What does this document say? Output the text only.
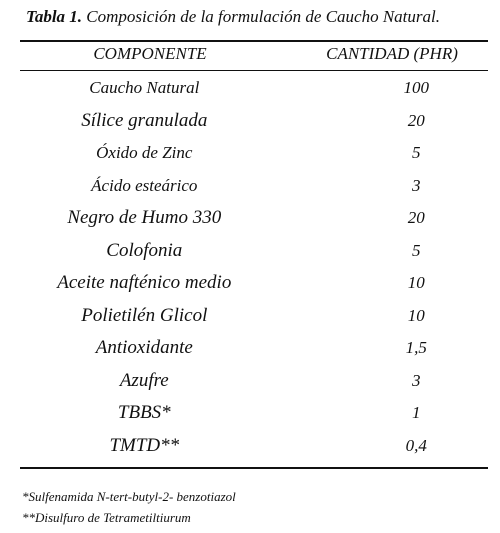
Tabla 1. Composición de la formulación de Caucho Natural.
COMPONENTE	CANTIDAD (PHR)
Caucho Natural	100
Sílice granulada	20
Óxido de Zinc	5
Ácido esteárico	3
Negro de Humo 330	20
Colofonia	5
Aceite nafténico medio	10
Polietilén Glicol	10
Antioxidante	1,5
Azufre	3
TBBS*	1
TMTD**	0,4
*Sulfenamida N-tert-butyl-2- benzotiazol
**Disulfuro de Tetrametiltiurum
